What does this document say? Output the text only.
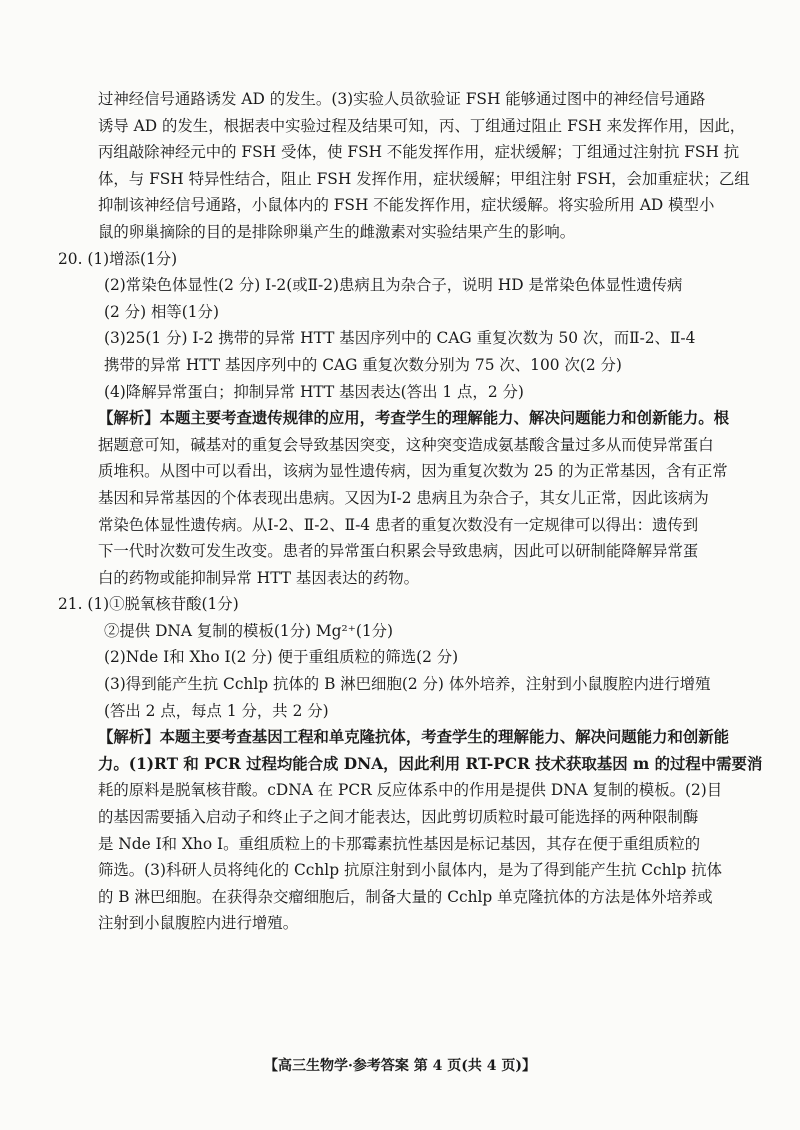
过神经信号通路诱发 AD 的发生。(3)实验人员欲验证 FSH 能够通过图中的神经信号通路

诱导 AD 的发生，根据表中实验过程及结果可知，丙、丁组通过阻止 FSH 来发挥作用，因此，

丙组敲除神经元中的 FSH 受体，使 FSH 不能发挥作用，症状缓解；丁组通过注射抗 FSH 抗

体，与 FSH 特异性结合，阻止 FSH 发挥作用，症状缓解；甲组注射 FSH，会加重症状；乙组

抑制该神经信号通路，小鼠体内的 FSH 不能发挥作用，症状缓解。将实验所用 AD 模型小

鼠的卵巢摘除的目的是排除卵巢产生的雌激素对实验结果产生的影响。

20. (1)增添(1分)

(2)常染色体显性(2 分) Ⅰ-2(或Ⅱ-2)患病且为杂合子，说明 HD 是常染色体显性遗传病

(2 分) 相等(1分)

(3)25(1 分) Ⅰ-2 携带的异常 HTT 基因序列中的 CAG 重复次数为 50 次，而Ⅱ-2、Ⅱ-4

携带的异常 HTT 基因序列中的 CAG 重复次数分别为 75 次、100 次(2 分)

(4)降解异常蛋白；抑制异常 HTT 基因表达(答出 1 点，2 分)

【解析】本题主要考查遗传规律的应用，考查学生的理解能力、解决问题能力和创新能力。根

据题意可知，碱基对的重复会导致基因突变，这种突变造成氨基酸含量过多从而使异常蛋白

质堆积。从图中可以看出，该病为显性遗传病，因为重复次数为 25 的为正常基因，含有正常

基因和异常基因的个体表现出患病。又因为Ⅰ-2 患病且为杂合子，其女儿正常，因此该病为

常染色体显性遗传病。从Ⅰ-2、Ⅱ-2、Ⅱ-4 患者的重复次数没有一定规律可以得出：遗传到

下一代时次数可发生改变。患者的异常蛋白积累会导致患病，因此可以研制能降解异常蛋

白的药物或能抑制异常 HTT 基因表达的药物。

21. (1)①脱氧核苷酸(1分)

②提供 DNA 复制的模板(1分) Mg²⁺(1分)

(2)Nde Ⅰ和 Xho Ⅰ(2 分) 便于重组质粒的筛选(2 分)

(3)得到能产生抗 Cchlp 抗体的 B 淋巴细胞(2 分) 体外培养，注射到小鼠腹腔内进行增殖

(答出 2 点，每点 1 分，共 2 分)

【解析】本题主要考查基因工程和单克隆抗体，考查学生的理解能力、解决问题能力和创新能

力。(1)RT 和 PCR 过程均能合成 DNA，因此利用 RT-PCR 技术获取基因 m 的过程中需要消

耗的原料是脱氧核苷酸。cDNA 在 PCR 反应体系中的作用是提供 DNA 复制的模板。(2)目

的基因需要插入启动子和终止子之间才能表达，因此剪切质粒时最可能选择的两种限制酶

是 Nde Ⅰ和 Xho Ⅰ。重组质粒上的卡那霉素抗性基因是标记基因，其存在便于重组质粒的

筛选。(3)科研人员将纯化的 Cchlp 抗原注射到小鼠体内，是为了得到能产生抗 Cchlp 抗体

的 B 淋巴细胞。在获得杂交瘤细胞后，制备大量的 Cchlp 单克隆抗体的方法是体外培养或

注射到小鼠腹腔内进行增殖。

【高三生物学·参考答案 第 4 页(共 4 页)】
